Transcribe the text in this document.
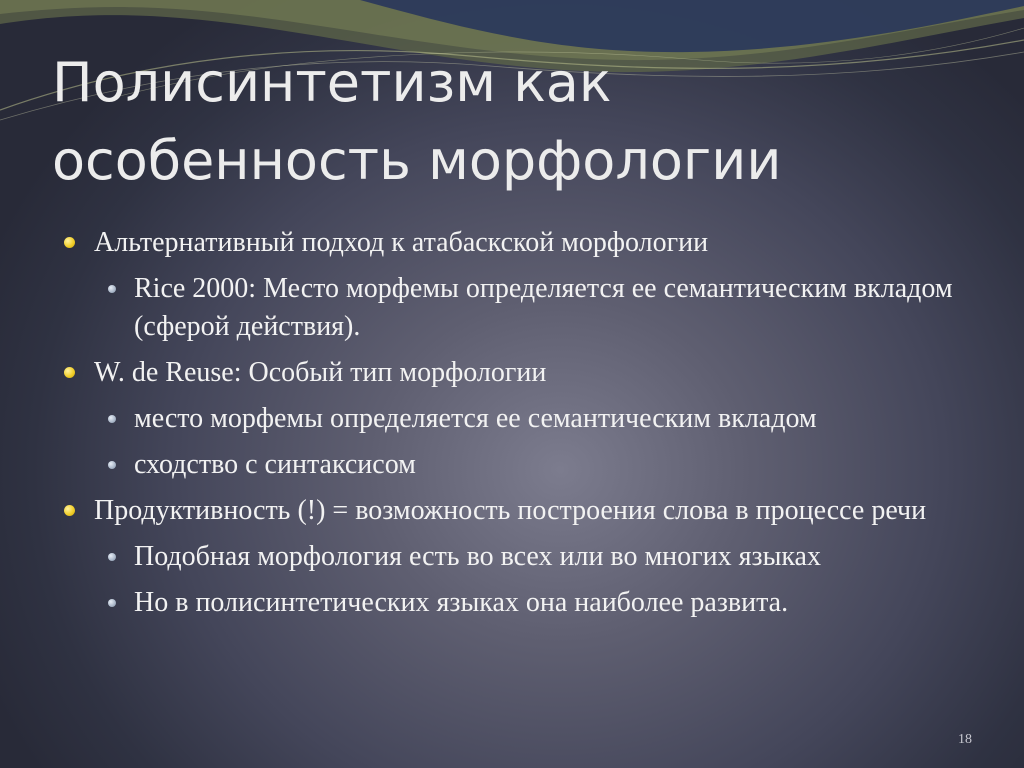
Полисинтетизм как
особенность морфологии

Альтернативный подход к атабаскской морфологии

Rice 2000: Место морфемы определяется ее семантическим вкладом (сферой действия).

W. de Reuse: Особый тип морфологии

место морфемы определяется ее семантическим вкладом

сходство с синтаксисом

Продуктивность (!) = возможность построения слова в процессе речи

Подобная морфология есть во всех или во многих языках

Но в полисинтетических языках она наиболее развита.

18
